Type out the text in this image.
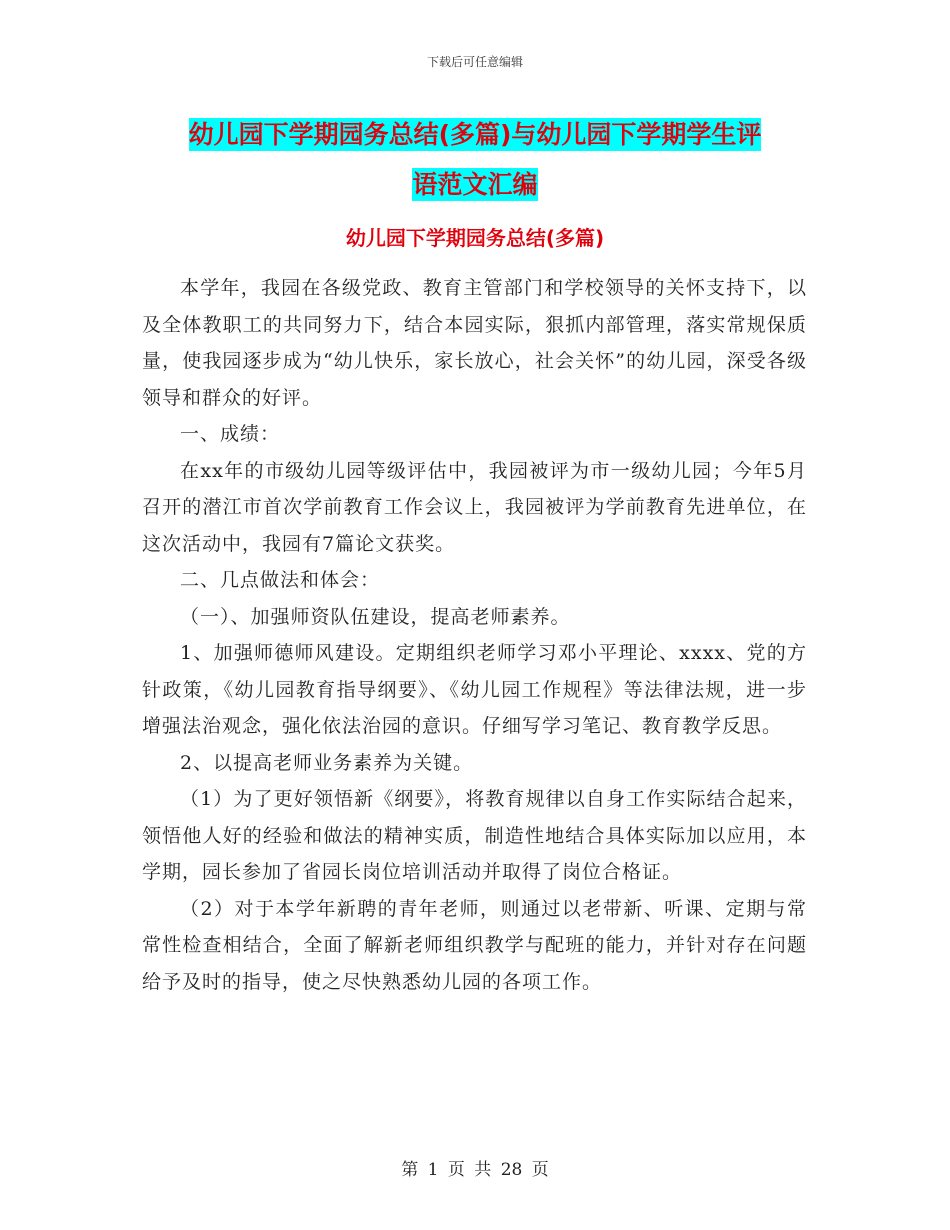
下载后可任意编辑
幼儿园下学期园务总结(多篇)与幼儿园下学期学生评
语范文汇编
幼儿园下学期园务总结(多篇)

本学年，我园在各级党政、教育主管部门和学校领导的关怀支持下，以及全体教职工的共同努力下，结合本园实际，狠抓内部管理，落实常规保质量，使我园逐步成为“幼儿快乐，家长放心，社会关怀”的幼儿园，深受各级领导和群众的好评。

一、成绩：

在xx年的市级幼儿园等级评估中，我园被评为市一级幼儿园；今年5月召开的潜江市首次学前教育工作会议上，我园被评为学前教育先进单位，在这次活动中，我园有7篇论文获奖。

二、几点做法和体会：

（一）、加强师资队伍建设，提高老师素养。

1、加强师德师风建设。定期组织老师学习邓小平理论、xxxx、党的方针政策，《幼儿园教育指导纲要》、《幼儿园工作规程》等法律法规，进一步增强法治观念，强化依法治园的意识。仔细写学习笔记、教育教学反思。

2、以提高老师业务素养为关键。

（1）为了更好领悟新《纲要》，将教育规律以自身工作实际结合起来，领悟他人好的经验和做法的精神实质，制造性地结合具体实际加以应用，本学期，园长参加了省园长岗位培训活动并取得了岗位合格证。

（2）对于本学年新聘的青年老师，则通过以老带新、听课、定期与常常性检查相结合，全面了解新老师组织教学与配班的能力，并针对存在问题给予及时的指导，使之尽快熟悉幼儿园的各项工作。

第 1 页 共 28 页
